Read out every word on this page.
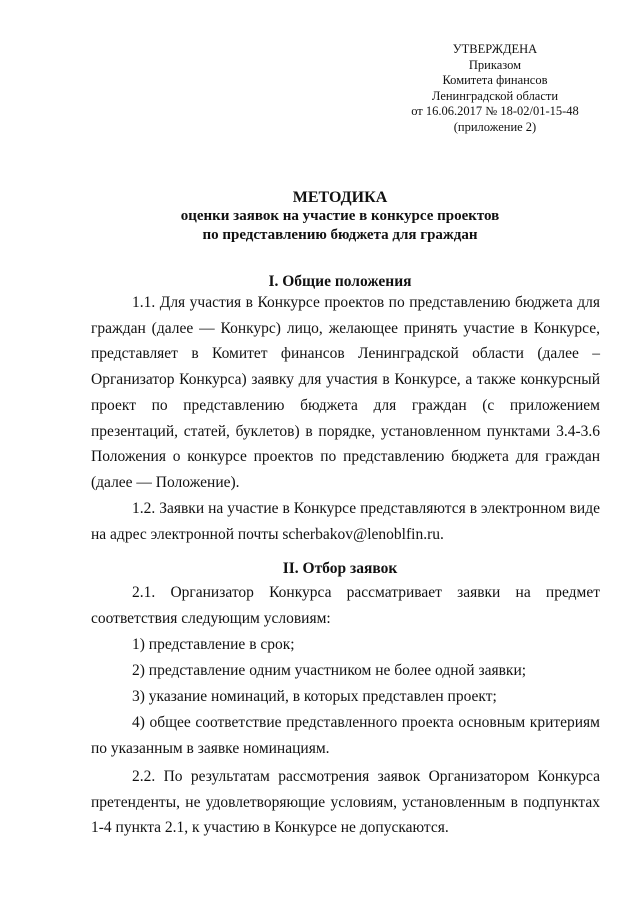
УТВЕРЖДЕНА
Приказом
Комитета финансов
Ленинградской области
от 16.06.2017 № 18-02/01-15-48
(приложение 2)
МЕТОДИКА
оценки заявок на участие в конкурсе проектов
по представлению бюджета для граждан
I. Общие положения
1.1. Для участия в Конкурсе проектов по представлению бюджета для граждан (далее — Конкурс) лицо, желающее принять участие в Конкурсе, представляет в Комитет финансов Ленинградской области (далее – Организатор Конкурса) заявку для участия в Конкурсе, а также конкурсный проект по представлению бюджета для граждан (с приложением презентаций, статей, буклетов) в порядке, установленном пунктами 3.4-3.6 Положения о конкурсе проектов по представлению бюджета для граждан (далее — Положение).
1.2. Заявки на участие в Конкурсе представляются в электронном виде на адрес электронной почты scherbakov@lenoblfin.ru.
II. Отбор заявок
2.1. Организатор Конкурса рассматривает заявки на предмет соответствия следующим условиям:
1) представление в срок;
2) представление одним участником не более одной заявки;
3) указание номинаций, в которых представлен проект;
4) общее соответствие представленного проекта основным критериям по указанным в заявке номинациям.
2.2. По результатам рассмотрения заявок Организатором Конкурса претенденты, не удовлетворяющие условиям, установленным в подпунктах 1-4 пункта 2.1, к участию в Конкурсе не допускаются.
